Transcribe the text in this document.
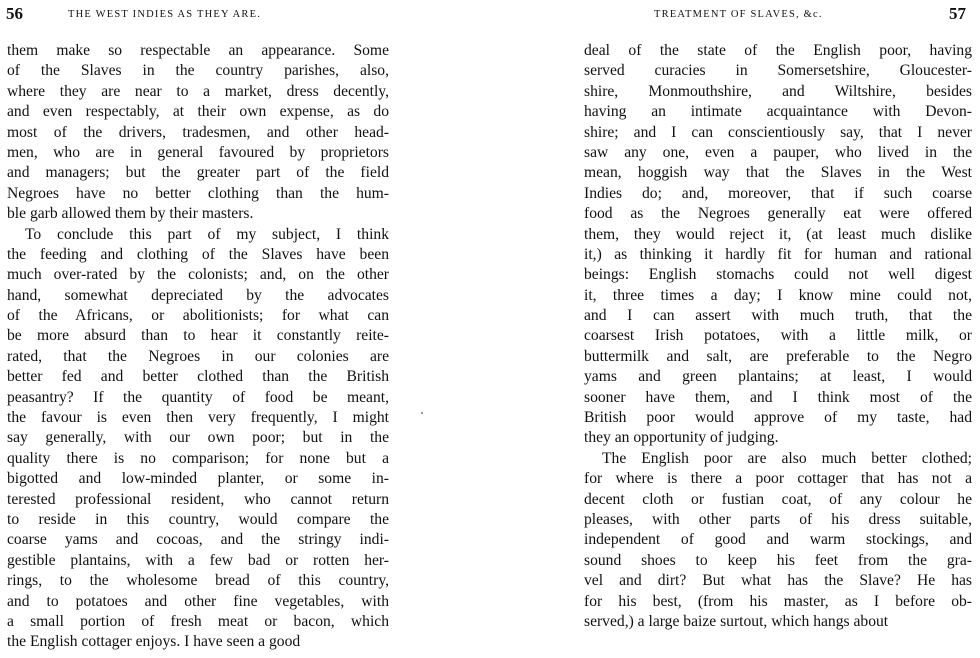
56	THE WEST INDIES AS THEY ARE.
them make so respectable an appearance. Some
of the Slaves in the country parishes, also,
where they are near to a market, dress decently,
and even respectably, at their own expense, as do
most of the drivers, tradesmen, and other head-
men, who are in general favoured by proprietors
and managers; but the greater part of the field
Negroes have no better clothing than the hum-
ble garb allowed them by their masters.
To conclude this part of my subject, I think
the feeding and clothing of the Slaves have been
much over-rated by the colonists; and, on the other
hand, somewhat depreciated by the advocates
of the Africans, or abolitionists; for what can
be more absurd than to hear it constantly reite-
rated, that the Negroes in our colonies are
better fed and better clothed than the British
peasantry? If the quantity of food be meant,
the favour is even then very frequently, I might
say generally, with our own poor; but in the
quality there is no comparison; for none but a
bigotted and low-minded planter, or some in-
terested professional resident, who cannot return
to reside in this country, would compare the
coarse yams and cocoas, and the stringy indi-
gestible plantains, with a few bad or rotten her-
rings, to the wholesome bread of this country,
and to potatoes and other fine vegetables, with
a small portion of fresh meat or bacon, which
the English cottager enjoys. I have seen a good
TREATMENT OF SLAVES, &c.	57
deal of the state of the English poor, having
served curacies in Somersetshire, Gloucester-
shire, Monmouthshire, and Wiltshire, besides
having an intimate acquaintance with Devon-
shire; and I can conscientiously say, that I never
saw any one, even a pauper, who lived in the
mean, hoggish way that the Slaves in the West
Indies do; and, moreover, that if such coarse
food as the Negroes generally eat were offered
them, they would reject it, (at least much dislike
it,) as thinking it hardly fit for human and rational
beings: English stomachs could not well digest
it, three times a day; I know mine could not,
and I can assert with much truth, that the
coarsest Irish potatoes, with a little milk, or
buttermilk and salt, are preferable to the Negro
yams and green plantains; at least, I would
sooner have them, and I think most of the
British poor would approve of my taste, had
they an opportunity of judging.
The English poor are also much better clothed;
for where is there a poor cottager that has not a
decent cloth or fustian coat, of any colour he
pleases, with other parts of his dress suitable,
independent of good and warm stockings, and
sound shoes to keep his feet from the gra-
vel and dirt? But what has the Slave? He has
for his best, (from his master, as I before ob-
served,) a large baize surtout, which hangs about
